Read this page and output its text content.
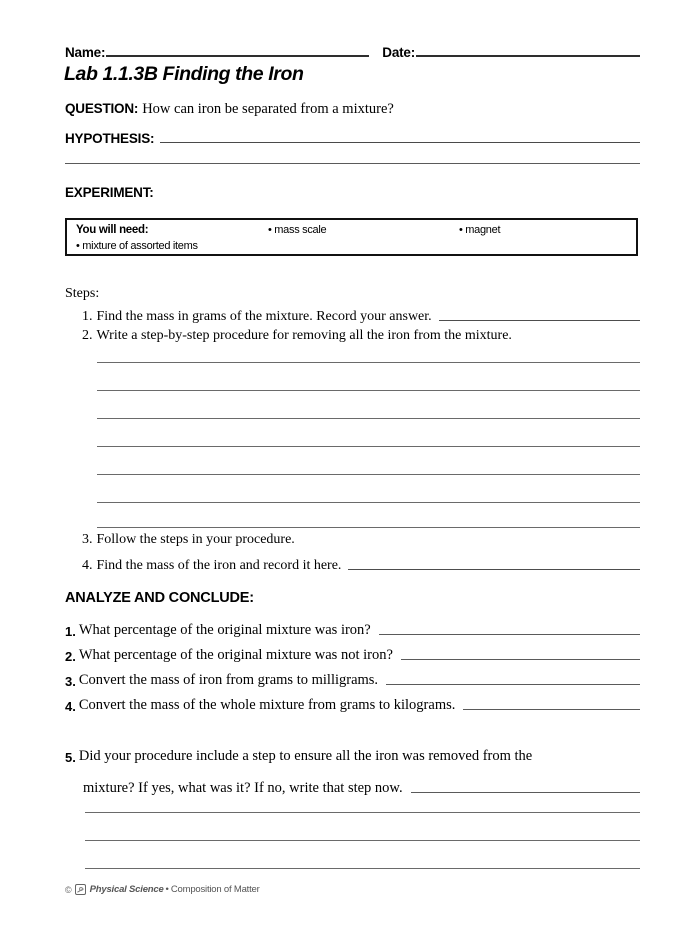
Name:	Date:
Lab 1.1.3B Finding the Iron
QUESTION: How can iron be separated from a mixture?
HYPOTHESIS:
EXPERIMENT:
You will need:
• mixture of assorted items
• mass scale	• magnet
Steps:
1. Find the mass in grams of the mixture. Record your answer.
2. Write a step-by-step procedure for removing all the iron from the mixture.
3. Follow the steps in your procedure.
4. Find the mass of the iron and record it here.
ANALYZE AND CONCLUDE:
1. What percentage of the original mixture was iron?
2. What percentage of the original mixture was not iron?
3. Convert the mass of iron from grams to milligrams.
4. Convert the mass of the whole mixture from grams to kilograms.
5. Did your procedure include a step to ensure all the iron was removed from the
mixture? If yes, what was it? If no, write that step now.
© Physical Science • Composition of Matter
